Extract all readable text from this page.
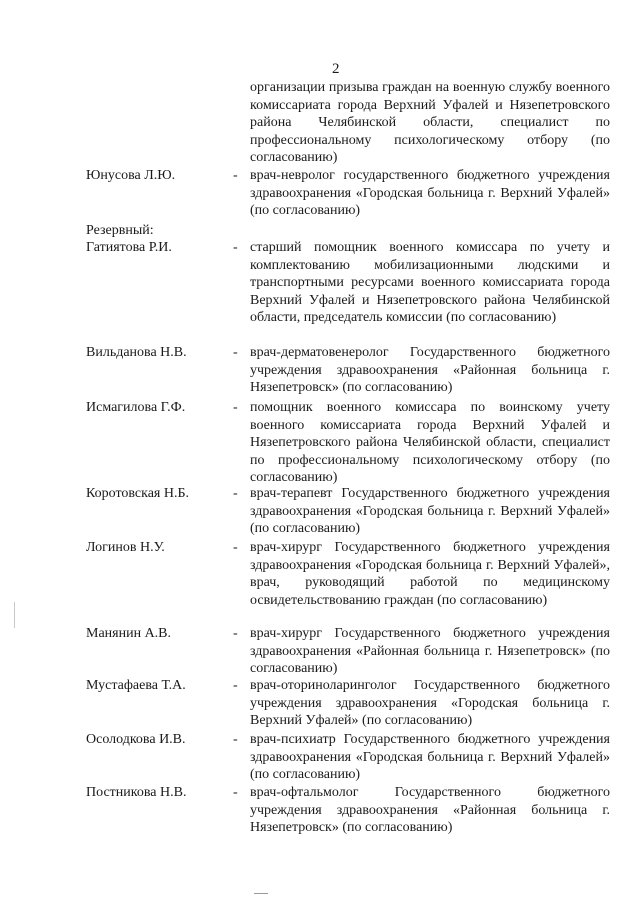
2
организации призыва граждан на военную службу военного комиссариата города Верхний Уфалей и Нязепетровского района Челябинской области, специалист по профессиональному психологическому отбору (по согласованию)
Юнусова Л.Ю.	- врач-невролог государственного бюджетного учреждения здравоохранения «Городская больница г. Верхний Уфалей» (по согласованию)
Резервный:
Гатиятова Р.И.	- старший помощник военного комиссара по учету и комплектованию мобилизационными людскими и транспортными ресурсами военного комиссариата города Верхний Уфалей и Нязепетровского района Челябинской области, председатель комиссии (по согласованию)
Вильданова Н.В.	- врач-дерматовенеролог Государственного бюджетного учреждения здравоохранения «Районная больница г. Нязепетровск» (по согласованию)
Исмагилова Г.Ф.	- помощник военного комиссара по воинскому учету военного комиссариата города Верхний Уфалей и Нязепетровского района Челябинской области, специалист по профессиональному психологическому отбору (по согласованию)
Коротовская Н.Б.	- врач-терапевт Государственного бюджетного учреждения здравоохранения «Городская больница г. Верхний Уфалей» (по согласованию)
Логинов Н.У.	- врач-хирург Государственного бюджетного учреждения здравоохранения «Городская больница г. Верхний Уфалей», врач, руководящий работой по медицинскому освидетельствованию граждан (по согласованию)
Манянин А.В.	- врач-хирург Государственного бюджетного учреждения здравоохранения «Районная больница г. Нязепетровск» (по согласованию)
Мустафаева Т.А.	- врач-оториноларинголог Государственного бюджетного учреждения здравоохранения «Городская больница г. Верхний Уфалей» (по согласованию)
Осолодкова И.В.	- врач-психиатр Государственного бюджетного учреждения здравоохранения «Городская больница г. Верхний Уфалей» (по согласованию)
Постникова Н.В.	- врач-офтальмолог Государственного бюджетного учреждения здравоохранения «Районная больница г. Нязепетровск» (по согласованию)
